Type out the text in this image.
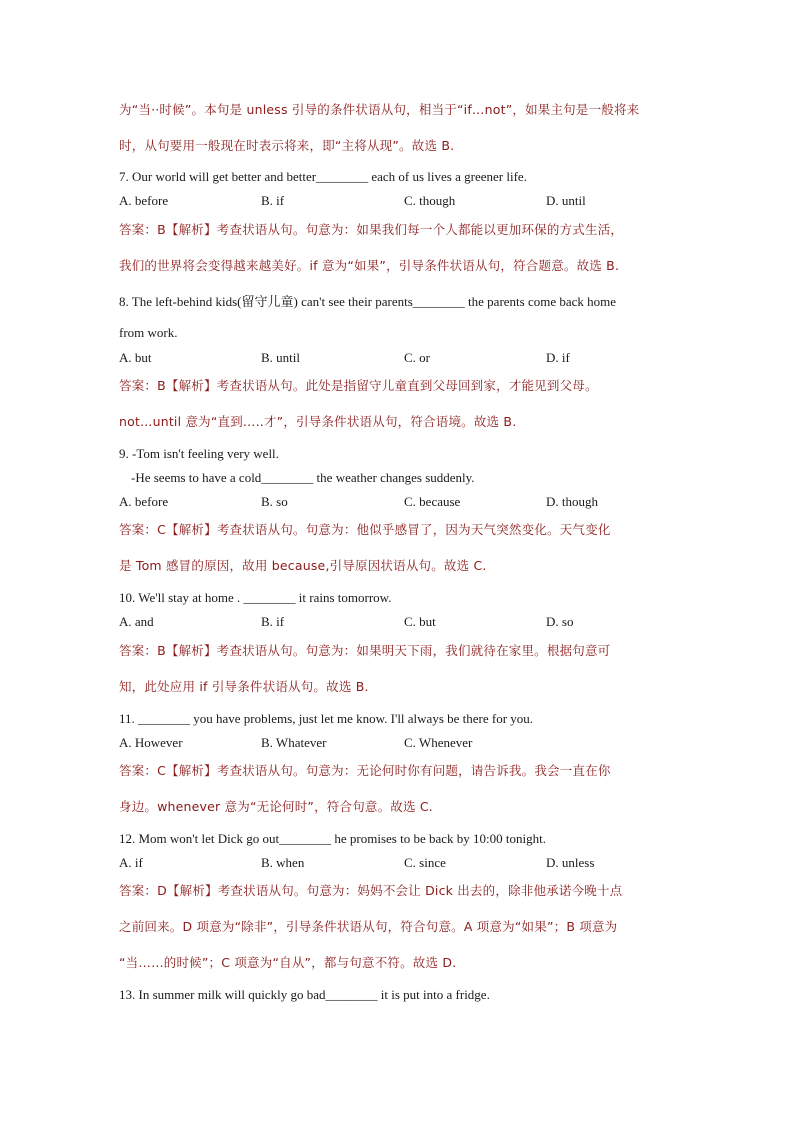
为“当··时候”。本句是 unless 引导的条件状语从句，相当于“if…not”，如果主句是一般将来
时，从句要用一般现在时表示将来，即“主将从现”。故选 B.
7. Our world will get better and better________ each of us lives a greener life.
A. before	B. if	C. though	D. until
答案：B【解析】考查状语从句。句意为：如果我们每一个人都能以更加环保的方式生活，
我们的世界将会变得越来越美好。if 意为“如果”，引导条件状语从句，符合题意。故选 B.
8. The left-behind kids(留守儿童) can't see their parents________ the parents come back home
from work.
A. but	B. until	C. or	D. if
答案：B【解析】考查状语从句。此处是指留守儿童直到父母回到家，才能见到父母。
not...until 意为“直到…..才”，引导条件状语从句，符合语境。故选 B.
9. -Tom isn't feeling very well.
-He seems to have a cold________ the weather changes suddenly.
A. before	B. so	C. because	D. though
答案：C【解析】考查状语从句。句意为：他似乎感冒了，因为天气突然变化。天气变化
是 Tom 感冒的原因，故用 because,引导原因状语从句。故选 C.
10. We'll stay at home . ________ it rains tomorrow.
A. and	B. if	C. but	D. so
答案：B【解析】考查状语从句。句意为：如果明天下雨，我们就待在家里。根据句意可
知，此处应用 if 引导条件状语从句。故选 B.
11. ________ you have problems, just let me know. I'll always be there for you.
A. However	B. Whatever	C. Whenever
答案：C【解析】考查状语从句。句意为：无论何时你有问题，请告诉我。我会一直在你
身边。whenever 意为“无论何时”，符合句意。故选 C.
12. Mom won't let Dick go out________ he promises to be back by 10:00 tonight.
A. if	B. when	C. since	D. unless
答案：D【解析】考查状语从句。句意为：妈妈不会让 Dick 出去的，除非他承诺今晚十点
之前回来。D 项意为“除非”，引导条件状语从句，符合句意。A 项意为“如果”；B 项意为
“当……的时候”；C 项意为“自从”，都与句意不符。故选 D.
13. In summer milk will quickly go bad________ it is put into a fridge.
